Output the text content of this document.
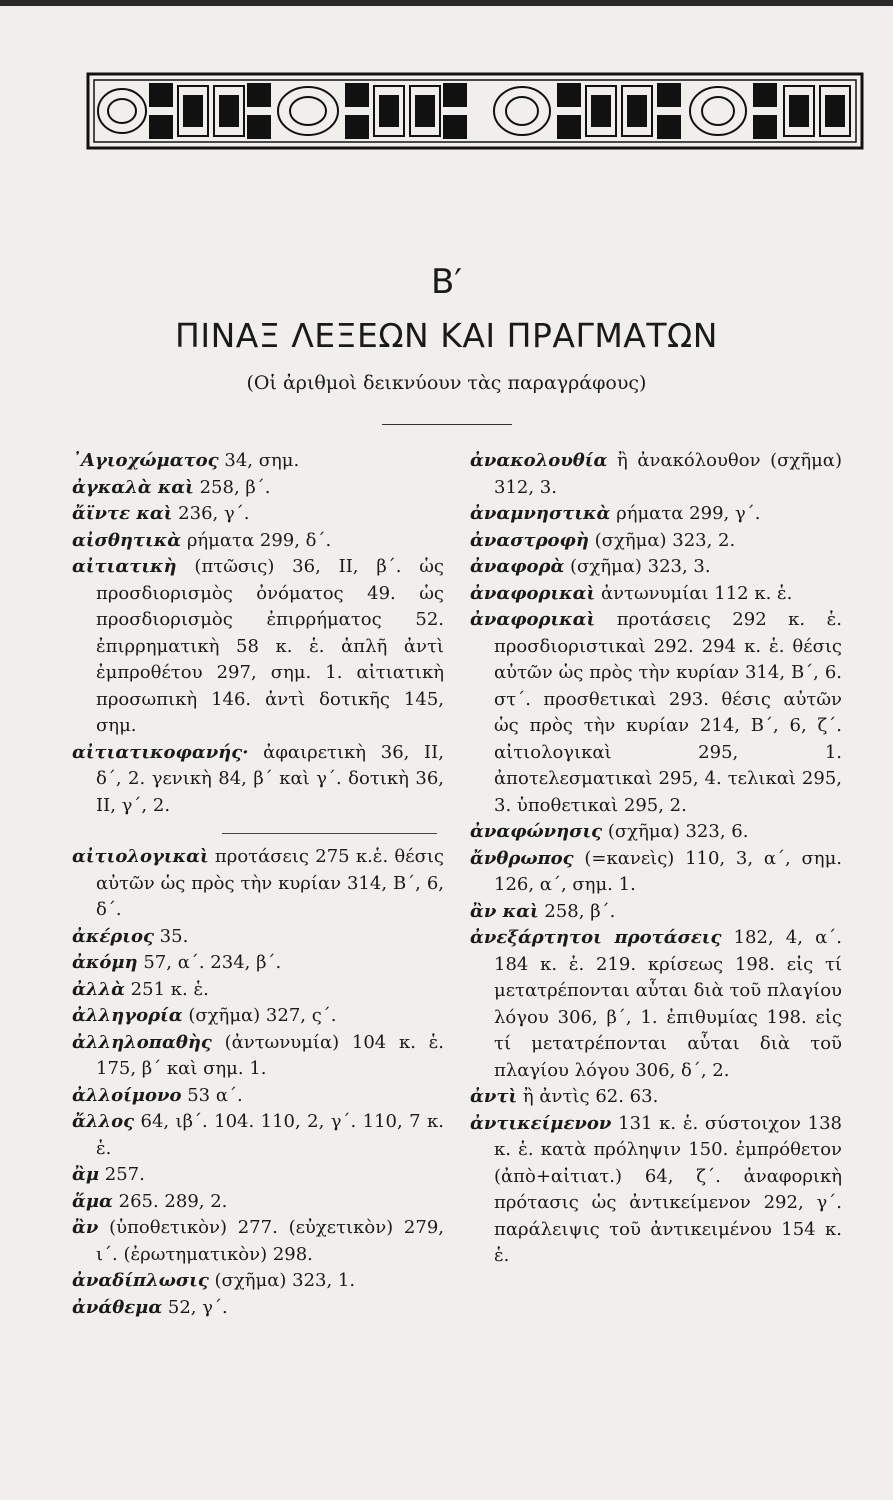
B′
ΠΙΝΑΞ ΛΕΞΕΩΝ ΚΑΙ ΠΡΑΓΜΑΤΩΝ
(Οἱ ἀριθμοὶ δεικνύουν τὰς παραγράφους)

᾿Αγιοχώματος 34, σημ.

ἀγκαλὰ καὶ 258, β΄.

ἄϊντε καὶ 236, γ΄.

αἰσθητικὰ ρήματα 299, δ΄.

αἰτιατικὴ (πτῶσις) 36, ΙΙ, β΄. ὡς προσδιορισμὸς ὀνόματος 49. ὡς προσδιορισμὸς ἐπιρρήματος 52. ἐπιρρηματικὴ 58 κ. ἑ. ἁπλῆ ἀντὶ ἐμπροθέτου 297, σημ. 1. αἰτιατικὴ προσωπικὴ 146. ἀντὶ δοτικῆς 145, σημ.

αἰτιατικοφανής· ἀφαιρετικὴ 36, ΙΙ, δ΄, 2. γενικὴ 84, β΄ καὶ γ΄. δοτικὴ 36, ΙΙ, γ΄, 2.

αἰτιολογικαὶ προτάσεις 275 κ.ἑ. θέσις αὐτῶν ὡς πρὸς τὴν κυρίαν 314, Β΄, 6, δ΄.

ἀκέριος 35.

ἀκόμη 57, α΄. 234, β΄.

ἀλλὰ 251 κ. ἑ.

ἀλληγορία (σχῆμα) 327, ς΄.

ἀλληλοπαθὴς (ἀντωνυμία) 104 κ. ἑ. 175, β΄ καὶ σημ. 1.

ἀλλοίμονο 53 α΄.

ἄλλος 64, ιβ΄. 104. 110, 2, γ΄. 110, 7 κ. ἑ.

ἂμ 257.

ἅμα 265. 289, 2.

ἂν (ὑποθετικὸν) 277. (εὐχετικὸν) 279, ι΄. (ἐρωτηματικὸν) 298.

ἀναδίπλωσις (σχῆμα) 323, 1.

ἀνάθεμα 52, γ΄.

ἀνακολουθία ἢ ἀνακόλουθον (σχῆμα) 312, 3.

ἀναμνηστικὰ ρήματα 299, γ΄.

ἀναστροφὴ (σχῆμα) 323, 2.

ἀναφορὰ (σχῆμα) 323, 3.

ἀναφορικαὶ ἀντωνυμίαι 112 κ. ἑ.

ἀναφορικαὶ προτάσεις 292 κ. ἑ. προσδιοριστικαὶ 292. 294 κ. ἑ. θέσις αὐτῶν ὡς πρὸς τὴν κυρίαν 314, Β΄, 6. στ΄. προσθετικαὶ 293. θέσις αὐτῶν ὡς πρὸς τὴν κυρίαν 214, Β΄, 6, ζ΄. αἰτιολογικαὶ 295, 1. ἀποτελεσματικαὶ 295, 4. τελικαὶ 295, 3. ὑποθετικαὶ 295, 2.

ἀναφώνησις (σχῆμα) 323, 6.

ἄνθρωπος (=κανεὶς) 110, 3, α΄, σημ. 126, α΄, σημ. 1.

ἂν καὶ 258, β΄.

ἀνεξάρτητοι προτάσεις 182, 4, α΄. 184 κ. ἑ. 219. κρίσεως 198. εἰς τί μετατρέπονται αὗται διὰ τοῦ πλαγίου λόγου 306, β΄, 1. ἐπιθυμίας 198. εἰς τί μετατρέπονται αὗται διὰ τοῦ πλαγίου λόγου 306, δ΄, 2.

ἀντὶ ἢ ἀντὶς 62. 63.

ἀντικείμενον 131 κ. ἑ. σύστοιχον 138 κ. ἑ. κατὰ πρόληψιν 150. ἐμπρόθετον (ἀπὸ+αἰτιατ.) 64, ζ΄. ἀναφορικὴ πρότασις ὡς ἀντικείμενον 292, γ΄. παράλειψις τοῦ ἀντικειμένου 154 κ. ἑ.
